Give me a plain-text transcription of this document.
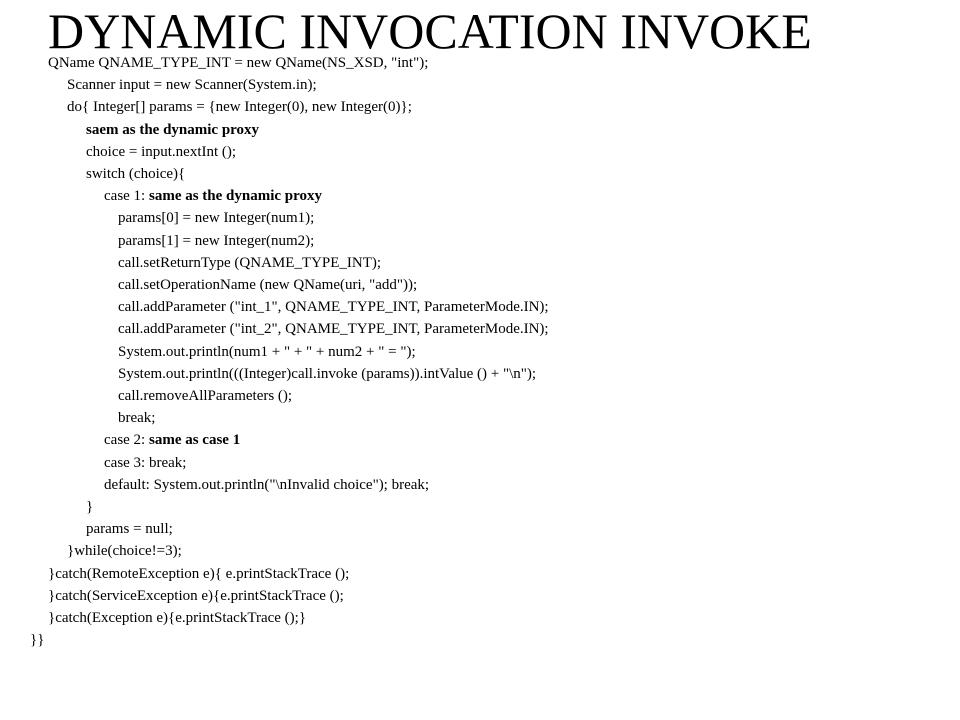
DYNAMIC INVOCATION INVOKE
QName QNAME_TYPE_INT = new QName(NS_XSD, "int");
Scanner input = new Scanner(System.in);
do{ Integer[] params = {new Integer(0), new Integer(0)};
saem as the dynamic proxy
choice = input.nextInt ();
switch (choice){
case 1: same as the dynamic proxy
params[0] = new Integer(num1);
params[1] = new Integer(num2);
call.setReturnType (QNAME_TYPE_INT);
call.setOperationName (new QName(uri, "add"));
call.addParameter ("int_1", QNAME_TYPE_INT, ParameterMode.IN);
call.addParameter ("int_2", QNAME_TYPE_INT, ParameterMode.IN);
System.out.println(num1 + " + " + num2 + " = ");
System.out.println(((Integer)call.invoke (params)).intValue () + "\n");
call.removeAllParameters ();
break;
case 2: same as case 1
case 3: break;
default: System.out.println("\nInvalid choice"); break;
}
params = null;
}while(choice!=3);
}catch(RemoteException e){ e.printStackTrace ();
}catch(ServiceException e){e.printStackTrace ();
}catch(Exception e){e.printStackTrace ();}
}}
